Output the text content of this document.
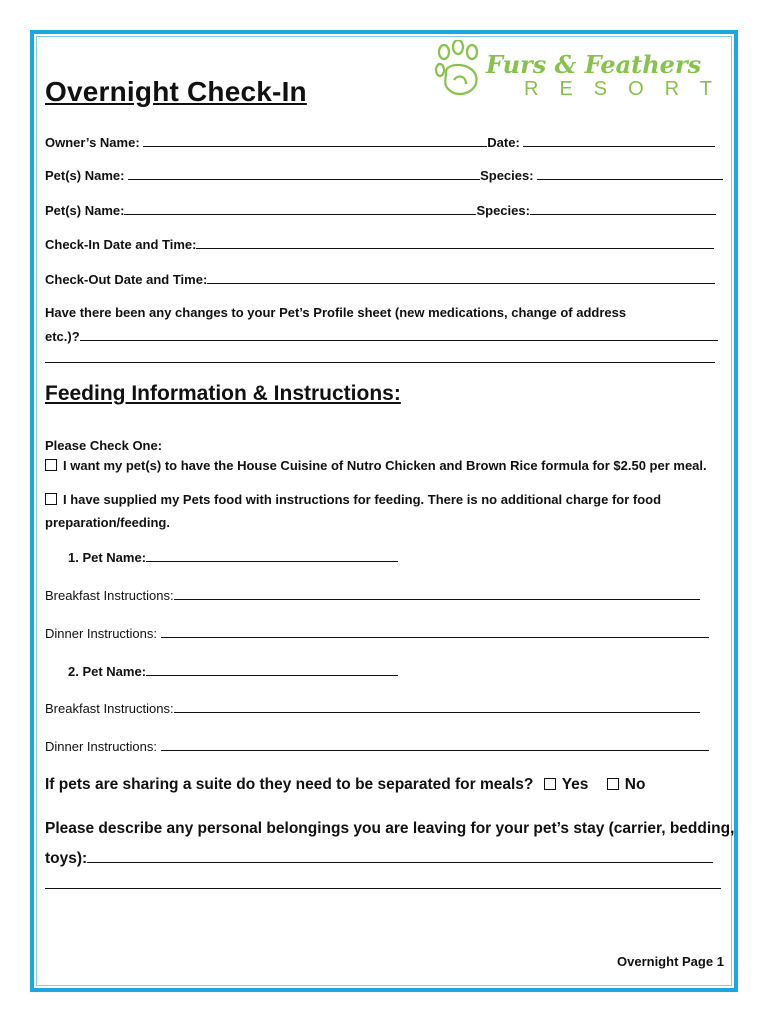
Furs & Feathers
RESORT
Overnight Check-In
Owner’s Name:	Date:
Pet(s) Name:	Species:
Pet(s) Name:	Species:
Check-In Date and Time:
Check-Out Date and Time:
Have there been any changes to your Pet’s Profile sheet (new medications, change of address
etc.)?
Feeding Information & Instructions:
Please Check One:
I want my pet(s) to have the House Cuisine of Nutro Chicken and Brown Rice formula for $2.50 per meal.
I have supplied my Pets food with instructions for feeding. There is no additional charge for food
preparation/feeding.
1. Pet Name:
Breakfast Instructions:
Dinner Instructions:
2. Pet Name:
Breakfast Instructions:
Dinner Instructions:
If pets are sharing a suite do they need to be separated for meals? Yes No
Please describe any personal belongings you are leaving for your pet’s stay (carrier, bedding,
toys):
Overnight Page 1
